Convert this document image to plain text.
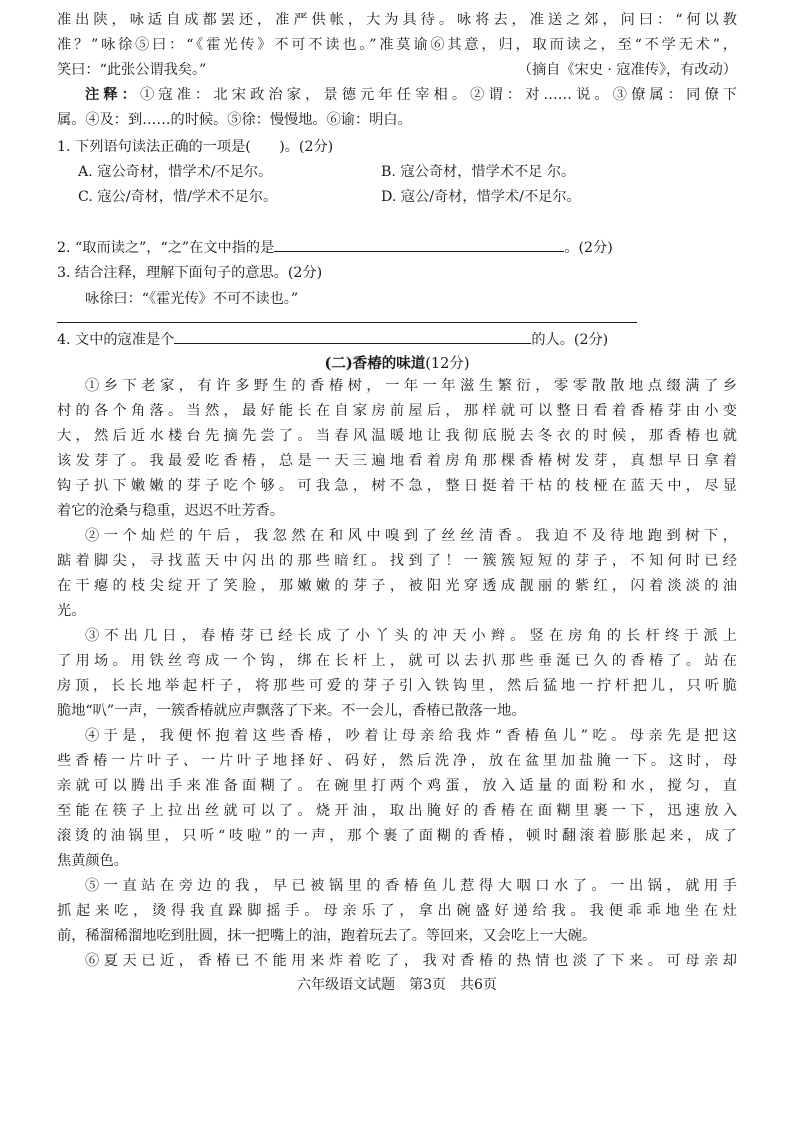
准出陕，咏适自成都罢还，准严供帐，大为具待。咏将去，准送之郊，问曰：“何以教

准？”咏徐⑤曰：“《霍光传》不可不读也。”准莫谕⑥其意，归，取而读之，至“不学无术”，

笑曰：“此张公谓我矣。”	（摘自《宋史 · 寇准传》，有改动）

注释：①寇准：北宋政治家，景德元年任宰相。②谓：对……说。③僚属：同僚下

属。④及：到……的时候。⑤徐：慢慢地。⑥谕：明白。

1. 下列语句读法正确的一项是(　　)。(2分)

A. 寇公奇材，惜学术/不足尔。	B. 寇公奇材，惜学术不足 尔。
C. 寇公/奇材，惜/学术不足尔。	D. 寇公/奇材，惜学术/不足尔。
2. “取而读之”，“之”在文中指的是	。(2分)

3. 结合注释，理解下面句子的意思。(2分)

咏徐曰：“《霍光传》不可不读也。”

4. 文中的寇准是个	的人。(2分)
(二)香椿的味道(12分)

①乡下老家，有许多野生的香椿树，一年一年滋生繁衍，零零散散地点缀满了乡

村的各个角落。当然，最好能长在自家房前屋后，那样就可以整日看着香椿芽由小变

大，然后近水楼台先摘先尝了。当春风温暖地让我彻底脱去冬衣的时候，那香椿也就

该发芽了。我最爱吃香椿，总是一天三遍地看着房角那棵香椿树发芽，真想早日拿着

钩子扒下嫩嫩的芽子吃个够。可我急，树不急，整日挺着干枯的枝桠在蓝天中，尽显

着它的沧桑与稳重，迟迟不吐芳香。

②一个灿烂的午后，我忽然在和风中嗅到了丝丝清香。我迫不及待地跑到树下，

踮着脚尖，寻找蓝天中闪出的那些暗红。找到了！一簇簇短短的芽子，不知何时已经

在干瘪的枝尖绽开了笑脸，那嫩嫩的芽子，被阳光穿透成靓丽的紫红，闪着淡淡的油

光。

③不出几日，春椿芽已经长成了小丫头的冲天小辫。竖在房角的长杆终于派上

了用场。用铁丝弯成一个钩，绑在长杆上，就可以去扒那些垂涎已久的香椿了。站在

房顶，长长地举起杆子，将那些可爱的芽子引入铁钩里，然后猛地一拧杆把儿，只听脆

脆地“叭”一声，一簇香椿就应声飘落了下来。不一会儿，香椿已散落一地。

④于是，我便怀抱着这些香椿，吵着让母亲给我炸“香椿鱼儿”吃。母亲先是把这

些香椿一片叶子、一片叶子地择好、码好，然后洗净，放在盆里加盐腌一下。这时，母

亲就可以腾出手来准备面糊了。在碗里打两个鸡蛋，放入适量的面粉和水，搅匀，直

至能在筷子上拉出丝就可以了。烧开油，取出腌好的香椿在面糊里裹一下，迅速放入

滚烫的油锅里，只听“吱啦”的一声，那个裹了面糊的香椿，顿时翻滚着膨胀起来，成了

焦黄颜色。

⑤一直站在旁边的我，早已被锅里的香椿鱼儿惹得大咽口水了。一出锅，就用手

抓起来吃，烫得我直跺脚摇手。母亲乐了，拿出碗盛好递给我。我便乖乖地坐在灶

前，稀溜稀溜地吃到肚圆，抹一把嘴上的油，跑着玩去了。等回来，又会吃上一大碗。

⑥夏天已近，香椿已不能用来炸着吃了，我对香椿的热情也淡了下来。可母亲却

六年级语文试题　第3页　共6页
